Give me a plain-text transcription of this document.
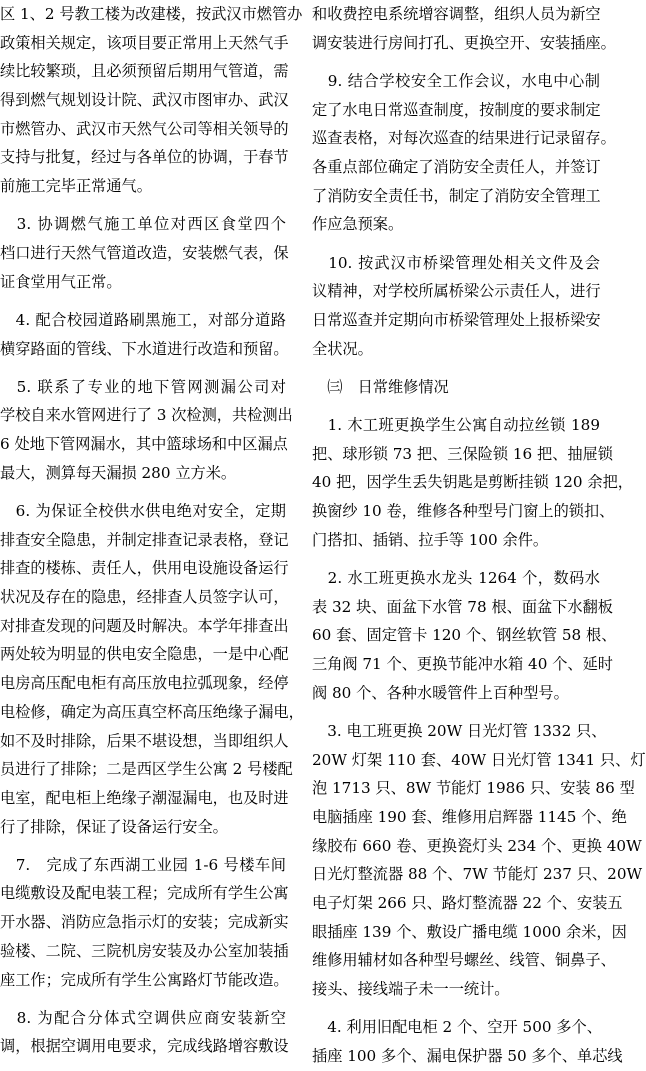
区 1、2 号教工楼为改建楼，按武汉市燃管办
政策相关规定，该项目要正常用上天然气手
续比较繁琐，且必须预留后期用气管道，需
得到燃气规划设计院、武汉市图审办、武汉
市燃管办、武汉市天然气公司等相关领导的
支持与批复，经过与各单位的协调，于春节
前施工完毕正常通气。
　3. 协调燃气施工单位对西区食堂四个
档口进行天然气管道改造，安装燃气表，保
证食堂用气正常。
　4. 配合校园道路刷黑施工，对部分道路
横穿路面的管线、下水道进行改造和预留。
　5. 联系了专业的地下管网测漏公司对
学校自来水管网进行了 3 次检测，共检测出
6 处地下管网漏水，其中篮球场和中区漏点
最大，测算每天漏损 280 立方米。
　6. 为保证全校供水供电绝对安全，定期
排查安全隐患，并制定排查记录表格，登记
排查的楼栋、责任人，供用电设施设备运行
状况及存在的隐患，经排查人员签字认可，
对排查发现的问题及时解决。本学年排查出
两处较为明显的供电安全隐患，一是中心配
电房高压配电柜有高压放电拉弧现象，经停
电检修，确定为高压真空杯高压绝缘子漏电，
如不及时排除，后果不堪设想，当即组织人
员进行了排除；二是西区学生公寓 2 号楼配
电室，配电柜上绝缘子潮湿漏电，也及时进
行了排除，保证了设备运行安全。
　7.　完成了东西湖工业园 1-6 号楼车间
电缆敷设及配电装工程；完成所有学生公寓
开水器、消防应急指示灯的安装；完成新实
验楼、二院、三院机房安装及办公室加装插
座工作；完成所有学生公寓路灯节能改造。
　8. 为配合分体式空调供应商安装新空
调，根据空调用电要求，完成线路增容敷设
和收费控电系统增容调整，组织人员为新空
调安装进行房间打孔、更换空开、安装插座。
　9. 结合学校安全工作会议，水电中心制
定了水电日常巡查制度，按制度的要求制定
巡查表格，对每次巡查的结果进行记录留存。
各重点部位确定了消防安全责任人，并签订
了消防安全责任书，制定了消防安全管理工
作应急预案。
　10. 按武汉市桥梁管理处相关文件及会
议精神，对学校所属桥梁公示责任人，进行
日常巡查并定期向市桥梁管理处上报桥梁安
全状况。
　㈢　日常维修情况
　1. 木工班更换学生公寓自动拉丝锁 189
把、球形锁 73 把、三保险锁 16 把、抽屉锁
40 把，因学生丢失钥匙是剪断挂锁 120 余把，
换窗纱 10 卷，维修各种型号门窗上的锁扣、
门搭扣、插销、拉手等 100 余件。
　2. 水工班更换水龙头 1264 个，数码水
表 32 块、面盆下水管 78 根、面盆下水翻板
60 套、固定管卡 120 个、钢丝软管 58 根、
三角阀 71 个、更换节能冲水箱 40 个、延时
阀 80 个、各种水暖管件上百种型号。
　3. 电工班更换 20W 日光灯管 1332 只、
20W 灯架 110 套、40W 日光灯管 1341 只、灯
泡 1713 只、8W 节能灯 1986 只、安装 86 型
电脑插座 190 套、维修用启辉器 1145 个、绝
缘胶布 660 卷、更换瓷灯头 234 个、更换 40W
日光灯整流器 88 个、7W 节能灯 237 只、20W
电子灯架 266 只、路灯整流器 22 个、安装五
眼插座 139 个、敷设广播电缆 1000 余米，因
维修用辅材如各种型号螺丝、线管、铜鼻子、
接头、接线端子未一一统计。
　4. 利用旧配电柜 2 个、空开 500 多个、
插座 100 多个、漏电保护器 50 多个、单芯线
